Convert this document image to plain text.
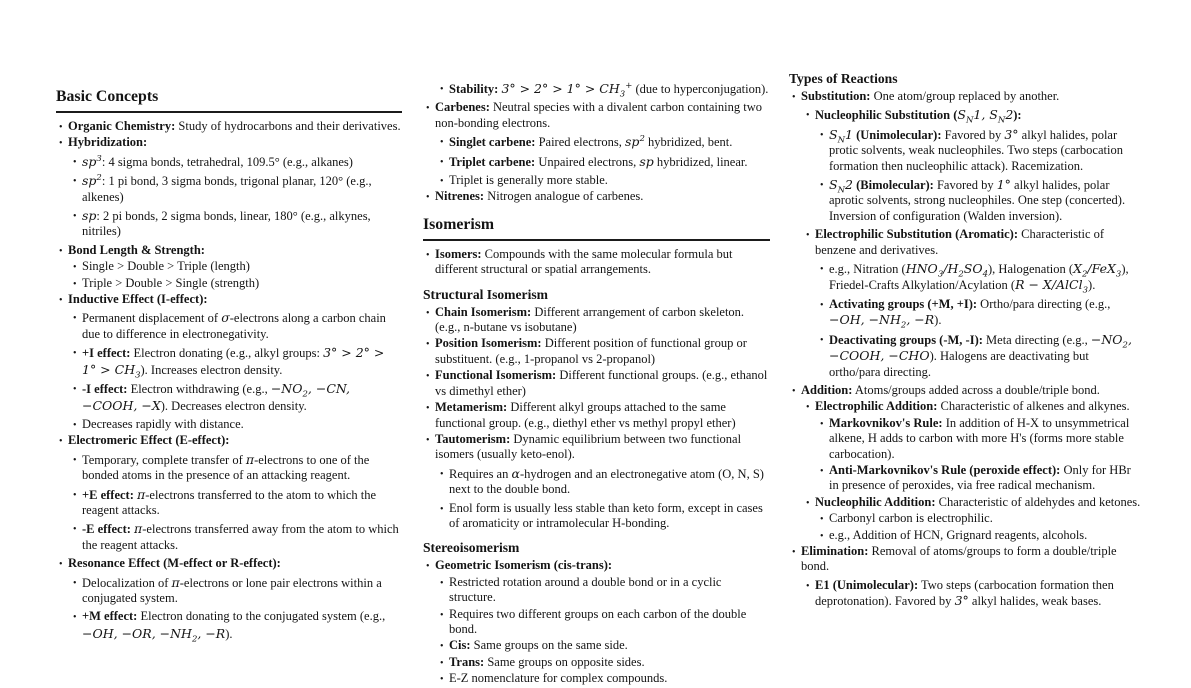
Basic Concepts
• Organic Chemistry: Study of hydrocarbons and their derivatives.
• Hybridization:
• $sp^3$: 4 sigma bonds, tetrahedral, 109.5° (e.g., alkanes)
• $sp^2$: 1 pi bond, 3 sigma bonds, trigonal planar, 120° (e.g., alkenes)
• sp: 2 pi bonds, 2 sigma bonds, linear, 180° (e.g., alkynes, nitriles)
• Bond Length & Strength:
• Single > Double > Triple (length)
• Triple > Double > Single (strength)
• Inductive Effect (I-effect):
• Permanent displacement of σ-electrons along a carbon chain due to difference in electronegativity.
• +I effect: Electron donating (e.g., alkyl groups: $3^\circ > 2^\circ > 1^\circ > CH_3$). Increases electron density.
• -I effect: Electron withdrawing (e.g., $-NO_2$, −CN, −COOH, −X). Decreases electron density.
• Decreases rapidly with distance.
• Electromeric Effect (E-effect):
• Temporary, complete transfer of π-electrons to one of the bonded atoms in the presence of an attacking reagent.
• +E effect: π-electrons transferred to the atom to which the reagent attacks.
• -E effect: π-electrons transferred away from the atom to which the reagent attacks.
• Resonance Effect (M-effect or R-effect):
• Delocalization of π-electrons or lone pair electrons within a conjugated system.
• +M effect: Electron donating to the conjugated system (e.g.,
−OH, −OR, $-NH_2$, −R).
• Stability: $3^\circ > 2^\circ > 1^\circ > CH_3^+$ (due to hyperconjugation).
• Carbenes: Neutral species with a divalent carbon containing two non-bonding electrons.
• Singlet carbene: Paired electrons, $sp^2$ hybridized, bent.
• Triplet carbene: Unpaired electrons, sp hybridized, linear.
• Triplet is generally more stable.
• Nitrenes: Nitrogen analogue of carbenes.
Isomerism
• Isomers: Compounds with the same molecular formula but different structural or spatial arrangements.
Structural Isomerism
• Chain Isomerism: Different arrangement of carbon skeleton. (e.g., n-butane vs isobutane)
• Position Isomerism: Different position of functional group or substituent. (e.g., 1-propanol vs 2-propanol)
• Functional Isomerism: Different functional groups. (e.g., ethanol vs dimethyl ether)
• Metamerism: Different alkyl groups attached to the same functional group. (e.g., diethyl ether vs methyl propyl ether)
• Tautomerism: Dynamic equilibrium between two functional isomers (usually keto-enol).
• Requires an α-hydrogen and an electronegative atom (O, N, S) next to the double bond.
• Enol form is usually less stable than keto form, except in cases of aromaticity or intramolecular H-bonding.
Stereoisomerism
• Geometric Isomerism (cis-trans):
• Restricted rotation around a double bond or in a cyclic structure.
• Requires two different groups on each carbon of the double bond.
• Cis: Same groups on the same side.
• Trans: Same groups on opposite sides.
• E-Z nomenclature for complex compounds.
Types of Reactions
• Substitution: One atom/group replaced by another.
• Nucleophilic Substitution ($S_N1$, $S_N2$):
• $S_N1$ (Unimolecular): Favored by 3° alkyl halides, polar protic solvents, weak nucleophiles. Two steps (carbocation formation then nucleophilic attack). Racemization.
• $S_N2$ (Bimolecular): Favored by 1° alkyl halides, polar aprotic solvents, strong nucleophiles. One step (concerted). Inversion of configuration (Walden inversion).
• Electrophilic Substitution (Aromatic): Characteristic of benzene and derivatives.
• e.g., Nitration $(HNO_3/H_2SO_4)$, Halogenation $(X_2/FeX_3)$, Friedel-Crafts Alkylation/Acylation (R − X/AlCl$_3$).
• Activating groups (+M, +I): Ortho/para directing (e.g., −OH, $-NH_2$, −R).
• Deactivating groups (-M, -I): Meta directing (e.g., $-NO_2$, −COOH, −CHO). Halogens are deactivating but ortho/para directing.
• Addition: Atoms/groups added across a double/triple bond.
• Electrophilic Addition: Characteristic of alkenes and alkynes.
• Markovnikov's Rule: In addition of H-X to unsymmetrical alkene, H adds to carbon with more H's (forms more stable carbocation).
• Anti-Markovnikov's Rule (peroxide effect): Only for HBr in presence of peroxides, via free radical mechanism.
• Nucleophilic Addition: Characteristic of aldehydes and ketones.
• Carbonyl carbon is electrophilic.
• e.g., Addition of HCN, Grignard reagents, alcohols.
• Elimination: Removal of atoms/groups to form a double/triple bond.
• E1 (Unimolecular): Two steps (carbocation formation then deprotonation). Favored by 3° alkyl halides, weak bases.
